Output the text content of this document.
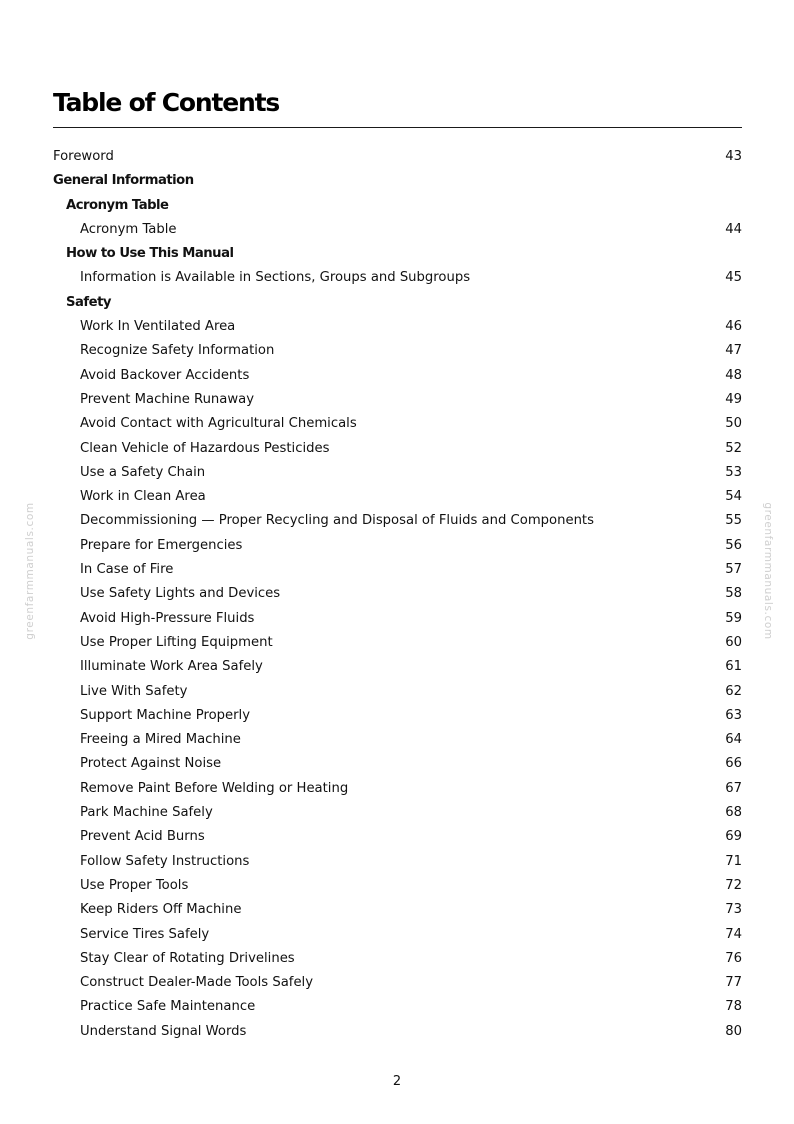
Table of Contents
Foreword	43
General Information
Acronym Table
Acronym Table	44
How to Use This Manual
Information is Available in Sections, Groups and Subgroups	45
Safety
Work In Ventilated Area	46
Recognize Safety Information	47
Avoid Backover Accidents	48
Prevent Machine Runaway	49
Avoid Contact with Agricultural Chemicals	50
Clean Vehicle of Hazardous Pesticides	52
Use a Safety Chain	53
Work in Clean Area	54
Decommissioning — Proper Recycling and Disposal of Fluids and Components	55
Prepare for Emergencies	56
In Case of Fire	57
Use Safety Lights and Devices	58
Avoid High-Pressure Fluids	59
Use Proper Lifting Equipment	60
Illuminate Work Area Safely	61
Live With Safety	62
Support Machine Properly	63
Freeing a Mired Machine	64
Protect Against Noise	66
Remove Paint Before Welding or Heating	67
Park Machine Safely	68
Prevent Acid Burns	69
Follow Safety Instructions	71
Use Proper Tools	72
Keep Riders Off Machine	73
Service Tires Safely	74
Stay Clear of Rotating Drivelines	76
Construct Dealer-Made Tools Safely	77
Practice Safe Maintenance	78
Understand Signal Words	80
greenfarmmanuals.com	greenfarmmanuals.com
2
